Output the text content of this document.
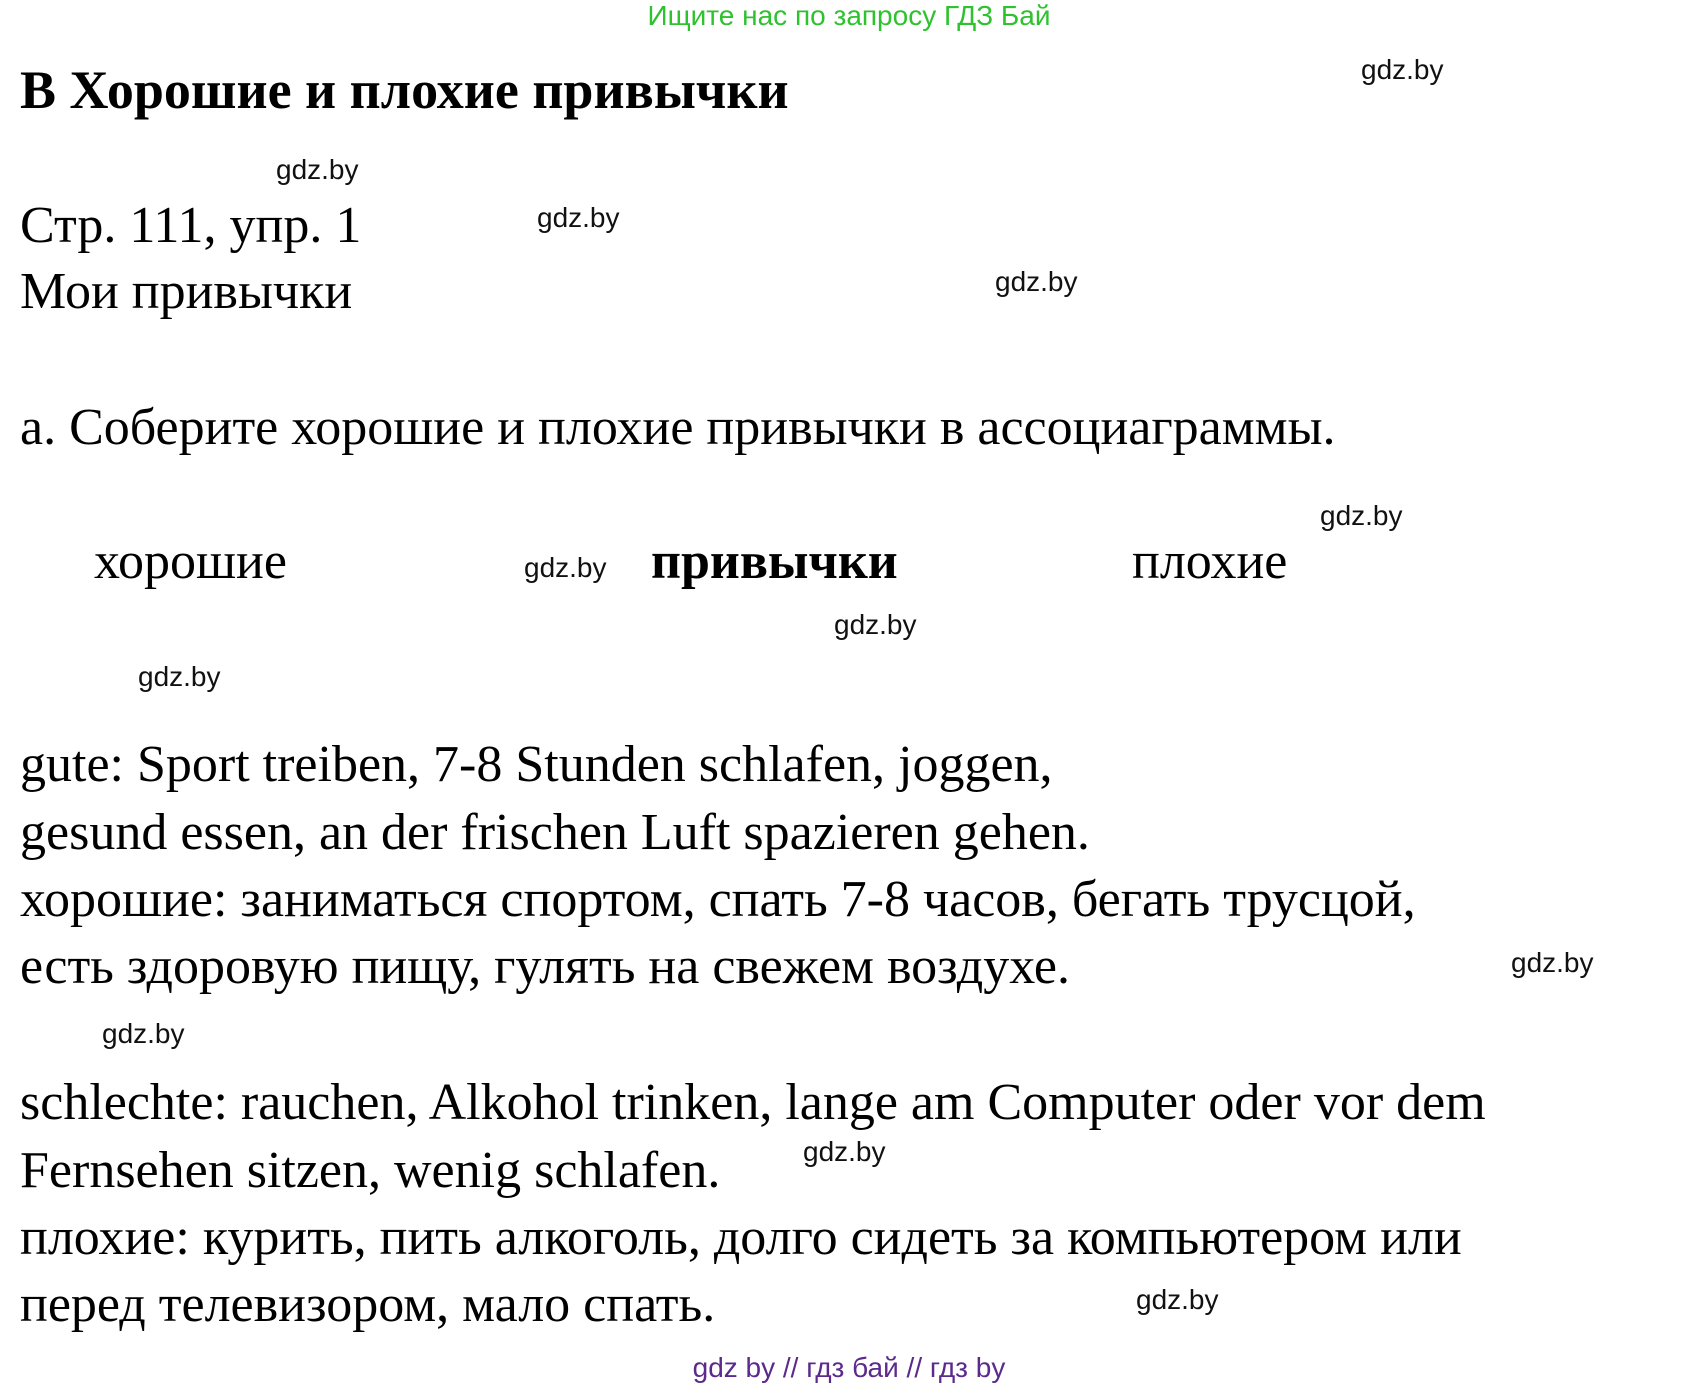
Ищите нас по запросу ГДЗ Бай
B Хорошие и плохие привычки
Стр. 111, упр. 1
Мои привычки
a. Соберите хорошие и плохие привычки в ассоциаграммы.
хорошие	привычки	плохие
gute: Sport treiben, 7-8 Stunden schlafen, joggen,
gesund essen, an der frischen Luft spazieren gehen.
хорошие: заниматься спортом, спать 7-8 часов, бегать трусцой,
есть здоровую пищу, гулять на свежем воздухе.
schlechte: rauchen, Alkohol trinken, lange am Computer oder vor dem
Fernsehen sitzen, wenig schlafen.
плохие: курить, пить алкоголь, долго сидеть за компьютером или
перед телевизором, мало спать.
gdz.by
gdz.by
gdz.by
gdz.by
gdz.by
gdz.by
gdz.by
gdz.by
gdz.by
gdz.by
gdz.by
gdz.by
gdz by // гдз бай // гдз by
